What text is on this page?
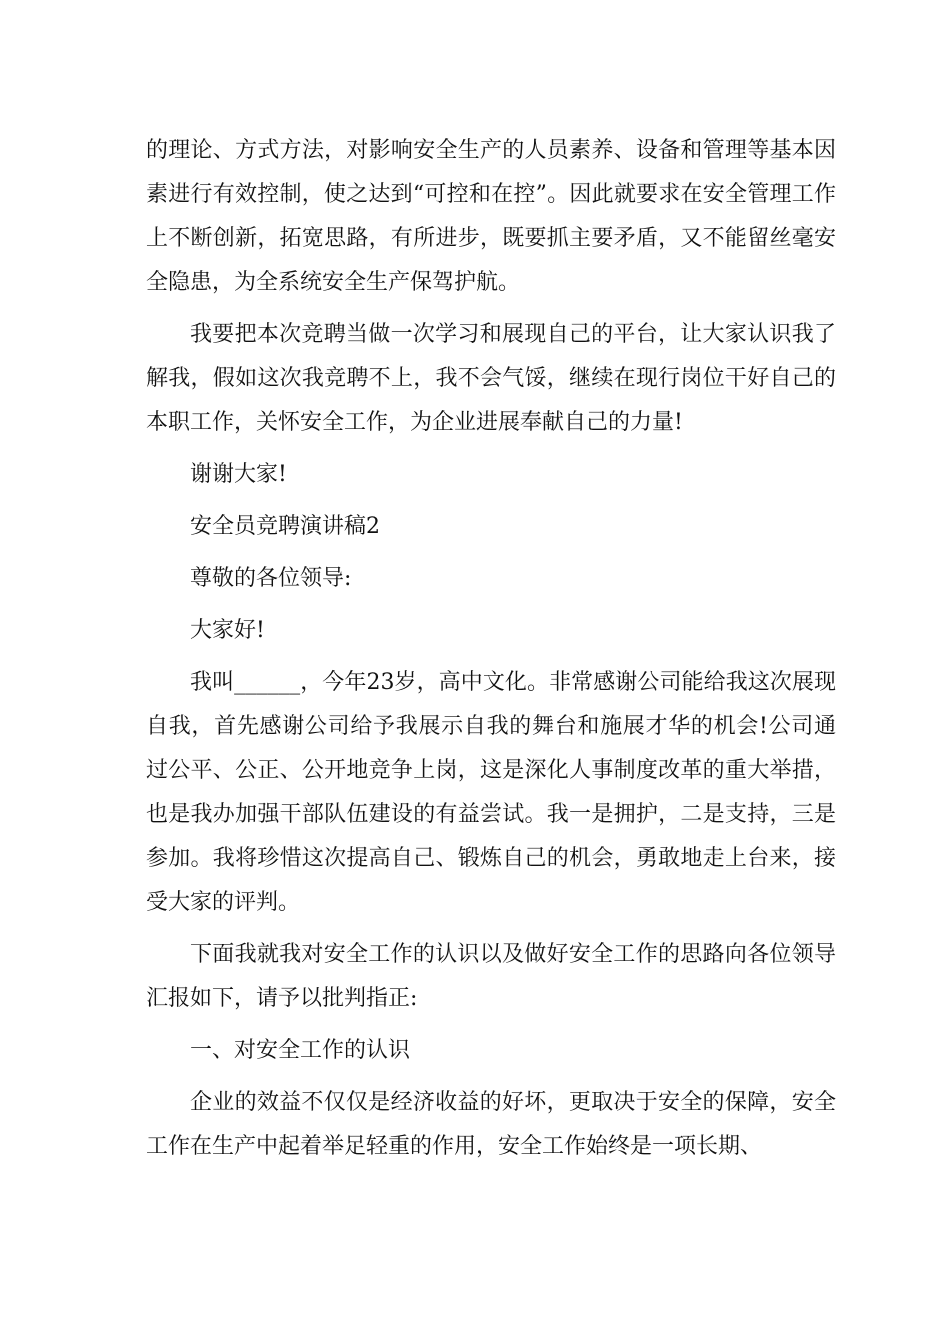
的理论、方式方法，对影响安全生产的人员素养、设备和管理等基本因素进行有效控制，使之达到“可控和在控”。因此就要求在安全管理工作上不断创新，拓宽思路，有所进步，既要抓主要矛盾，又不能留丝毫安全隐患，为全系统安全生产保驾护航。

我要把本次竞聘当做一次学习和展现自己的平台，让大家认识我了解我，假如这次我竞聘不上，我不会气馁，继续在现行岗位干好自己的本职工作，关怀安全工作，为企业进展奉献自己的力量!

谢谢大家!

安全员竞聘演讲稿2

尊敬的各位领导:

大家好!

我叫______，今年23岁，高中文化。非常感谢公司能给我这次展现自我，首先感谢公司给予我展示自我的舞台和施展才华的机会!公司通过公平、公正、公开地竞争上岗，这是深化人事制度改革的重大举措，也是我办加强干部队伍建设的有益尝试。我一是拥护，二是支持，三是参加。我将珍惜这次提高自己、锻炼自己的机会，勇敢地走上台来，接受大家的评判。

下面我就我对安全工作的认识以及做好安全工作的思路向各位领导汇报如下，请予以批判指正:

一、对安全工作的认识

企业的效益不仅仅是经济收益的好坏，更取决于安全的保障，安全工作在生产中起着举足轻重的作用，安全工作始终是一项长期、
